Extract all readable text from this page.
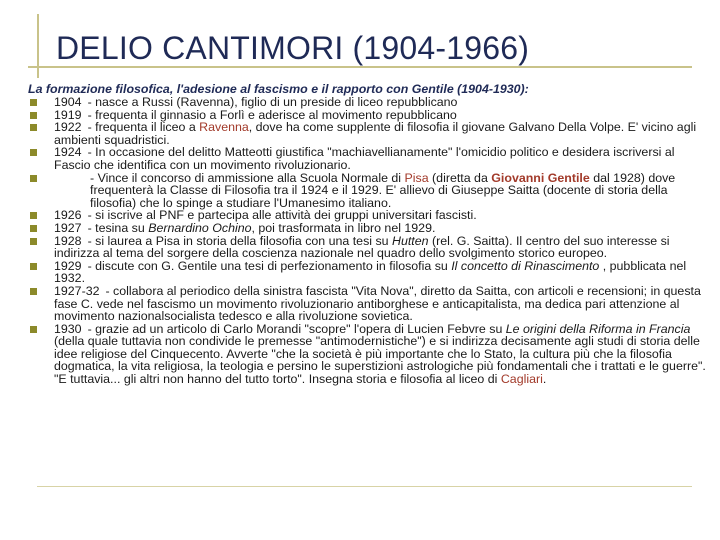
DELIO CANTIMORI (1904-1966)

La formazione filosofica, l'adesione al fascismo e il rapporto con Gentile (1904-1930):

1904 - nasce a Russi (Ravenna), figlio di un preside di liceo repubblicano
1919 - frequenta il ginnasio a Forlì e aderisce al movimento repubblicano
1922 - frequenta il liceo a Ravenna, dove ha come supplente di filosofia il giovane Galvano Della Volpe. E' vicino agli ambienti squadristici.
1924 - In occasione del delitto Matteotti giustifica "machiavellianamente" l'omicidio politico e desidera iscriversi al Fascio che identifica con un movimento rivoluzionario.
- Vince il concorso di ammissione alla Scuola Normale di Pisa (diretta da Giovanni Gentile dal 1928) dove frequenterà la Classe di Filosofia tra il 1924 e il 1929. E' allievo di Giuseppe Saitta (docente di storia della filosofia) che lo spinge a studiare l'Umanesimo italiano.
1926 - si iscrive al PNF e partecipa alle attività dei gruppi universitari fascisti.
1927 - tesina su Bernardino Ochino, poi trasformata in libro nel 1929.
1928 - si laurea a Pisa in storia della filosofia con una tesi su Hutten (rel. G. Saitta). Il centro del suo interesse si indirizza al tema del sorgere della coscienza nazionale nel quadro dello svolgimento storico europeo.
1929 - discute con G. Gentile una tesi di perfezionamento in filosofia su Il concetto di Rinascimento , pubblicata nel 1932.
1927-32 - collabora al periodico della sinistra fascista "Vita Nova", diretto da Saitta, con articoli e recensioni; in questa fase C. vede nel fascismo un movimento rivoluzionario antiborghese e anticapitalista, ma dedica pari attenzione al movimento nazionalsocialista tedesco e alla rivoluzione sovietica.
1930 - grazie ad un articolo di Carlo Morandi "scopre" l'opera di Lucien Febvre su Le origini della Riforma in Francia (della quale tuttavia non condivide le premesse "antimodernistiche") e si indirizza decisamente agli studi di storia delle idee religiose del Cinquecento. Avverte "che la società è più importante che lo Stato, la cultura più che la filosofia dogmatica, la vita religiosa, la teologia e persino le superstizioni astrologiche più fondamentali che i trattati e le guerre". "E tuttavia... gli altri non hanno del tutto torto". Insegna storia e filosofia al liceo di Cagliari.
